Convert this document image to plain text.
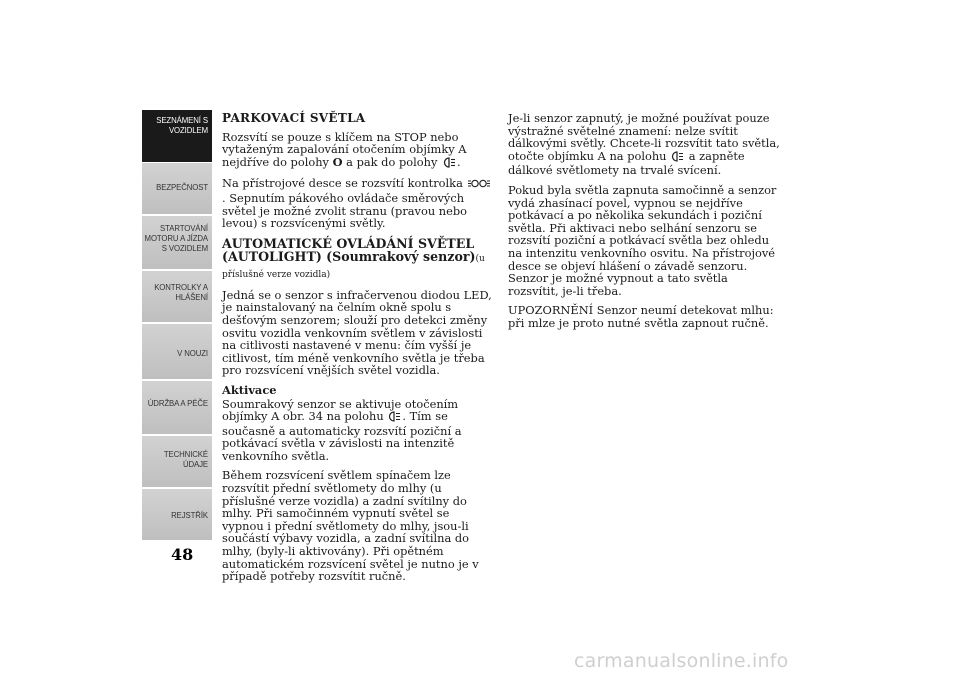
SEZNÁMENÍ S
VOZIDLEM
BEZPEČNOST
STARTOVÁNÍ
MOTORU A JÍZDA
S VOZIDLEM
KONTROLKY A
HLÁŠENÍ
V NOUZI
ÚDRŽBA A PÉČE
TECHNICKÉ
ÚDAJE
REJSTŘÍK
48
PARKOVACÍ SVĚTLA

Rozsvítí se pouze s klíčem na STOP nebo vytaženým zapalování otočením objímky A nejdříve do polohy O a pak do polohy .

Na přístrojové desce se rozsvítí kontrolka . Sepnutím pákového ovládače směrových světel je možné zvolit stranu (pravou nebo levou) s rozsvícenými světly.

AUTOMATICKÉ OVLÁDÁNÍ SVĚTEL (AUTOLIGHT) (Soumrakový senzor)(u příslušné verze vozidla)

Jedná se o senzor s infračervenou diodou LED, je nainstalovaný na čelním okně spolu s dešťovým senzorem; slouží pro detekci změny osvitu vozidla venkovním světlem v závislosti na citlivosti nastavené v menu: čím vyšší je citlivost, tím méně venkovního světla je třeba pro rozsvícení vnějších světel vozidla.

Aktivace

Soumrakový senzor se aktivuje otočením objímky A obr. 34 na polohu . Tím se současně a automaticky rozsvítí poziční a potkávací světla v závislosti na intenzitě venkovního světla.

Během rozsvícení světlem spínačem lze rozsvítit přední světlomety do mlhy (u příslušné verze vozidla) a zadní svítilny do mlhy. Při samočinném vypnutí světel se vypnou i přední světlomety do mlhy, jsou-li součástí výbavy vozidla, a zadní svítilna do mlhy, (byly-li aktivovány). Při opětném automatickém rozsvícení světel je nutno je v případě potřeby rozsvítit ručně.

Je-li senzor zapnutý, je možné používat pouze výstražné světelné znamení: nelze svítit dálkovými světly. Chcete-li rozsvítit tato světla, otočte objímku A na polohu  a zapněte dálkové světlomety na trvalé svícení.

Pokud byla světla zapnuta samočinně a senzor vydá zhasínací povel, vypnou se nejdříve potkávací a po několika sekundách i poziční světla. Při aktivaci nebo selhání senzoru se rozsvítí poziční a potkávací světla bez ohledu na intenzitu venkovního osvitu. Na přístrojové desce se objeví hlášení o závadě senzoru. Senzor je možné vypnout a tato světla rozsvítit, je-li třeba.

UPOZORNĚNÍ Senzor neumí detekovat mlhu: při mlze je proto nutné světla zapnout ručně.

carmanualsonline.info
